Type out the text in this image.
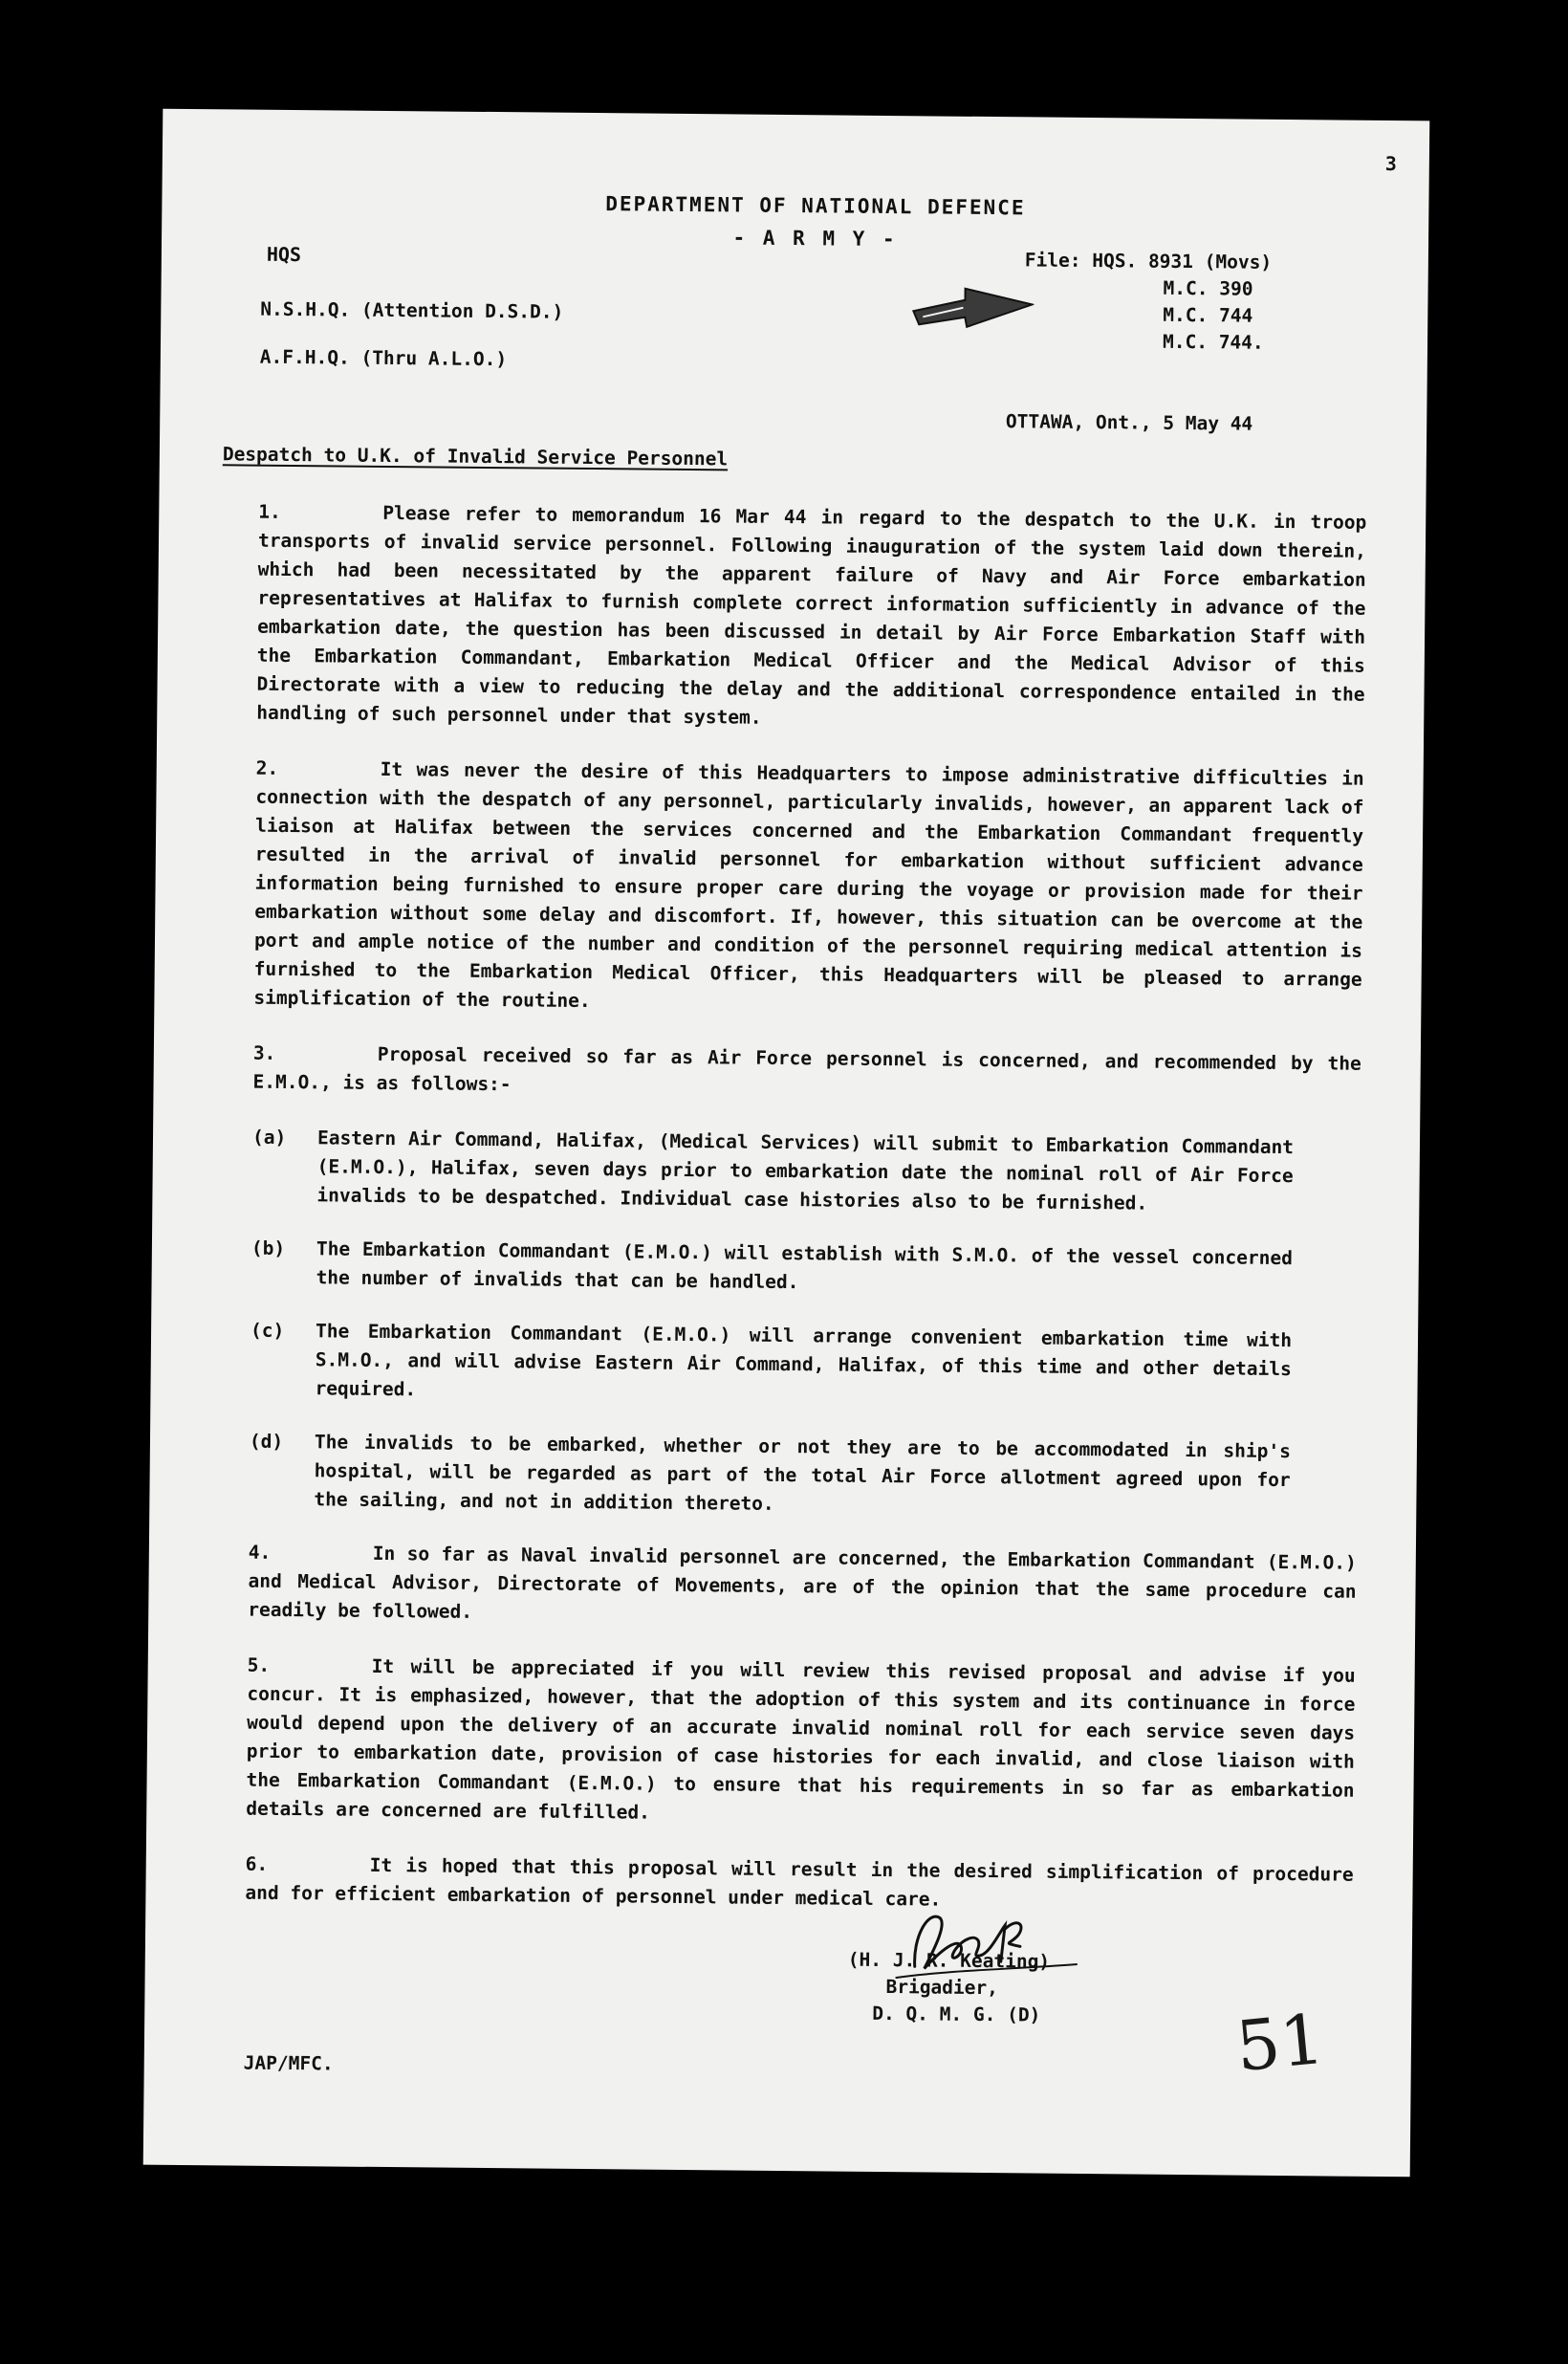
3

DEPARTMENT OF NATIONAL DEFENCE

- A R M Y -

HQS	File: HQS. 8931 (Movs)
M.C. 390
M.C. 744
M.C. 744.

N.S.H.Q. (Attention D.S.D.)

A.F.H.Q. (Thru A.L.O.)

OTTAWA, Ont., 5 May 44

Despatch to U.K. of Invalid Service Personnel

1.	Please refer to memorandum 16 Mar 44 in regard to the despatch to the U.K. in troop transports of invalid service personnel. Following inauguration of the system laid down therein, which had been necessitated by the apparent failure of Navy and Air Force embarkation representatives at Halifax to furnish complete correct information sufficiently in advance of the embarkation date, the question has been discussed in detail by Air Force Embarkation Staff with the Embarkation Commandant, Embarkation Medical Officer and the Medical Advisor of this Directorate with a view to reducing the delay and the additional correspondence entailed in the handling of such personnel under that system.

2.	It was never the desire of this Headquarters to impose administrative difficulties in connection with the despatch of any personnel, particularly invalids, however, an apparent lack of liaison at Halifax between the services concerned and the Embarkation Commandant frequently resulted in the arrival of invalid personnel for embarkation without sufficient advance information being furnished to ensure proper care during the voyage or provision made for their embarkation without some delay and discomfort. If, however, this situation can be overcome at the port and ample notice of the number and condition of the personnel requiring medical attention is furnished to the Embarkation Medical Officer, this Headquarters will be pleased to arrange simplification of the routine.

3.	Proposal received so far as Air Force personnel is concerned, and recommended by the E.M.O., is as follows:-

(a)	Eastern Air Command, Halifax, (Medical Services) will submit to Embarkation Commandant (E.M.O.), Halifax, seven days prior to embarkation date the nominal roll of Air Force invalids to be despatched. Individual case histories also to be furnished.
(b)	The Embarkation Commandant (E.M.O.) will establish with S.M.O. of the vessel concerned the number of invalids that can be handled.
(c)	The Embarkation Commandant (E.M.O.) will arrange convenient embarkation time with S.M.O., and will advise Eastern Air Command, Halifax, of this time and other details required.
(d)	The invalids to be embarked, whether or not they are to be accommodated in ship's hospital, will be regarded as part of the total Air Force allotment agreed upon for the sailing, and not in addition thereto.

4.	In so far as Naval invalid personnel are concerned, the Embarkation Commandant (E.M.O.) and Medical Advisor, Directorate of Movements, are of the opinion that the same procedure can readily be followed.

5.	It will be appreciated if you will review this revised proposal and advise if you concur. It is emphasized, however, that the adoption of this system and its continuance in force would depend upon the delivery of an accurate invalid nominal roll for each service seven days prior to embarkation date, provision of case histories for each invalid, and close liaison with the Embarkation Commandant (E.M.O.) to ensure that his requirements in so far as embarkation details are concerned are fulfilled.

6.	It is hoped that this proposal will result in the desired simplification of procedure and for efficient embarkation of personnel under medical care.

(H. J. R. Keating)

Brigadier,

D. Q. M. G. (D)

JAP/MFC.	51
